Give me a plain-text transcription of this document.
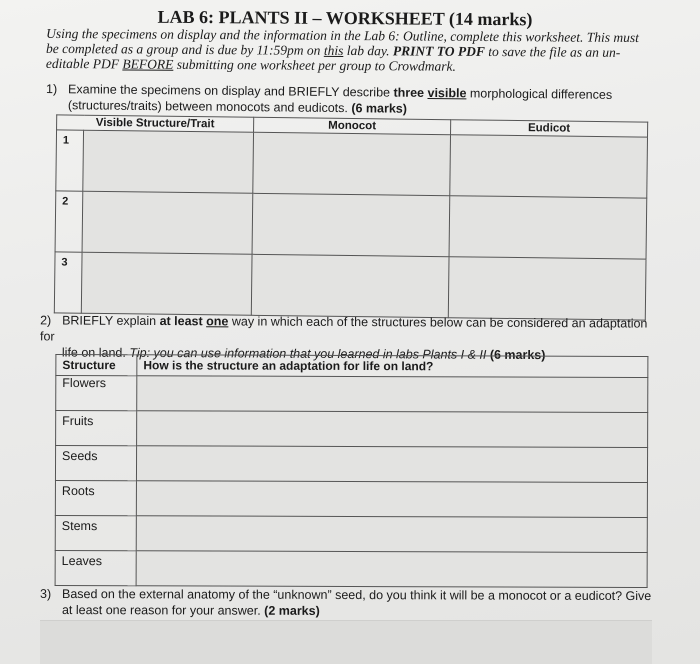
LAB 6: PLANTS II – WORKSHEET (14 marks)
Using the specimens on display and the information in the Lab 6: Outline, complete this worksheet. This must be completed as a group and is due by 11:59pm on this lab day. PRINT TO PDF to save the file as an un-editable PDF BEFORE submitting one worksheet per group to Crowdmark.
1) Examine the specimens on display and BRIEFLY describe three visible morphological differences
(structures/traits) between monocots and eudicots. (6 marks)
Visible Structure/Trait		Monocot	Eudicot
1			
2			
3			
2) BRIEFLY explain at least one way in which each of the structures below can be considered an adaptation for
life on land. Tip: you can use information that you learned in labs Plants I & II (6 marks)
Structure	How is the structure an adaptation for life on land?
Flowers	
Fruits	
Seeds	
Roots	
Stems	
Leaves	
3) Based on the external anatomy of the “unknown” seed, do you think it will be a monocot or a eudicot? Give
at least one reason for your answer. (2 marks)
